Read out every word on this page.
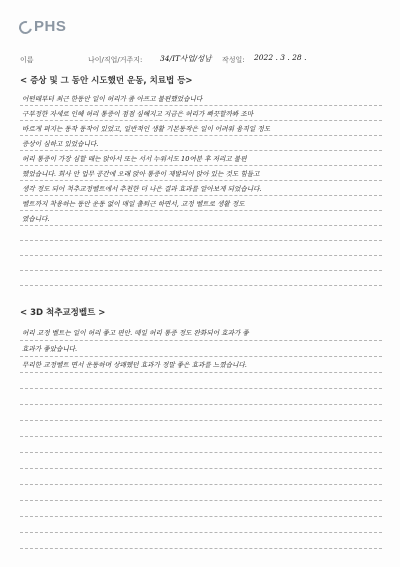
PHS
이름	나이/직업/거주지: 34/IT사업/성남 작성일: 2022 . 3 . 28 .
< 증상 및 그 동안 시도했던 운동, 치료법 등>
어떤때부터 최근 한동안 일이 허리가 좀 아프고 불편했었습니다
구부정한 자세로 인해 허리 통증이 점점 심해지고 지금은 허리가 삐끗할까봐 조마
바르게 펴지는 동작 동작이 있었고, 일반적인 생활 기본동작은 일이 어려워 움직일 정도
증상이 심하고 있었습니다.
허리 통증이 가장 심할 때는 앉아서 또는 서서 누워서도 10여분 후 저리고 불편
했었습니다. 회사 안 업무 공간에 오래 앉아 통증이 재발되어 앉아 있는 것도 힘들고
생각 정도 되어 척추교정벨트에서 추천한 더 나은 결과 효과를 알아보게 되었습니다.
벨트까지 착용하는 동안 운동 없이 매일 출퇴근 하면서, 교정 벨트로 생활 정도
였습니다.
< 3D 척추교정벨트 >
허리 교정 벨트는 일이 허리 좋고 편안. 매일 허리 통증 정도 완화되어 효과가 좋
효과가 좋았습니다.
무리한 교정벨트 면서 운동하며 상쾌했던 효과가 정말 좋은 효과를 느꼈습니다.
